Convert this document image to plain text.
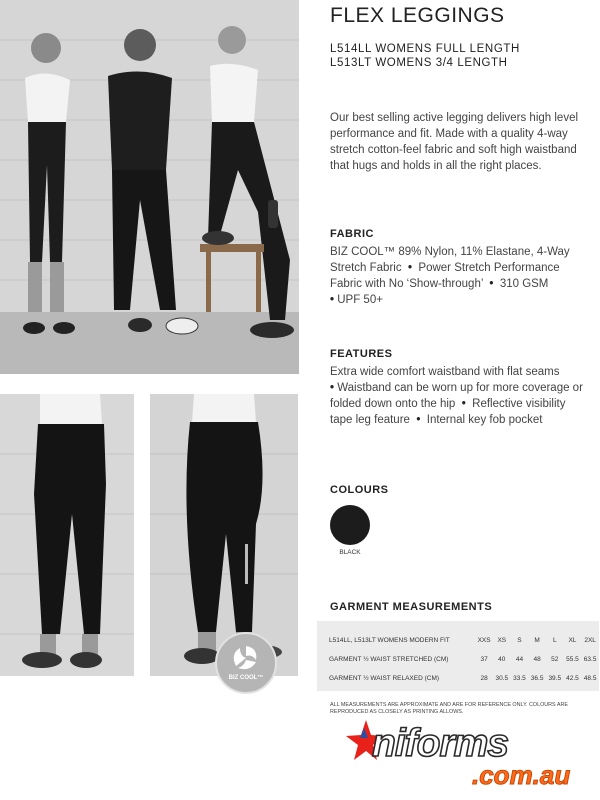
BIZ COOL™
FLEX LEGGINGS
L514LL WOMENS FULL LENGTH
L513LT WOMENS 3/4 LENGTH
Our best selling active legging delivers high level performance and fit. Made with a quality 4-way stretch cotton-feel fabric and soft high waistband that hugs and holds in all the right places.
FABRIC
BIZ COOL™ 89% Nylon, 11% Elastane, 4-Way Stretch Fabric  •  Power Stretch Performance Fabric with No ‘Show-through’  •  310 GSM
• UPF 50+
FEATURES
Extra wide comfort waistband with flat seams
• Waistband can be worn up for more coverage or folded down onto the hip  •  Reflective visibility tape leg feature  •  Internal key fob pocket
COLOURS
BLACK
GARMENT MEASUREMENTS
L514LL, L513LT WOMENS MODERN FIT	XXS	XS	S	M	L	XL	2XL
GARMENT ½ WAIST STRETCHED (CM)	37	40	44	48	52	55.5	63.5
GARMENT ½ WAIST RELAXED (CM)	28	30.5	33.5	36.5	39.5	42.5	48.5
ALL MEASUREMENTS ARE APPROXIMATE AND ARE FOR REFERENCE ONLY. COLOURS ARE REPRODUCED AS CLOSELY AS PRINTING ALLOWS.
niforms
.com.au
